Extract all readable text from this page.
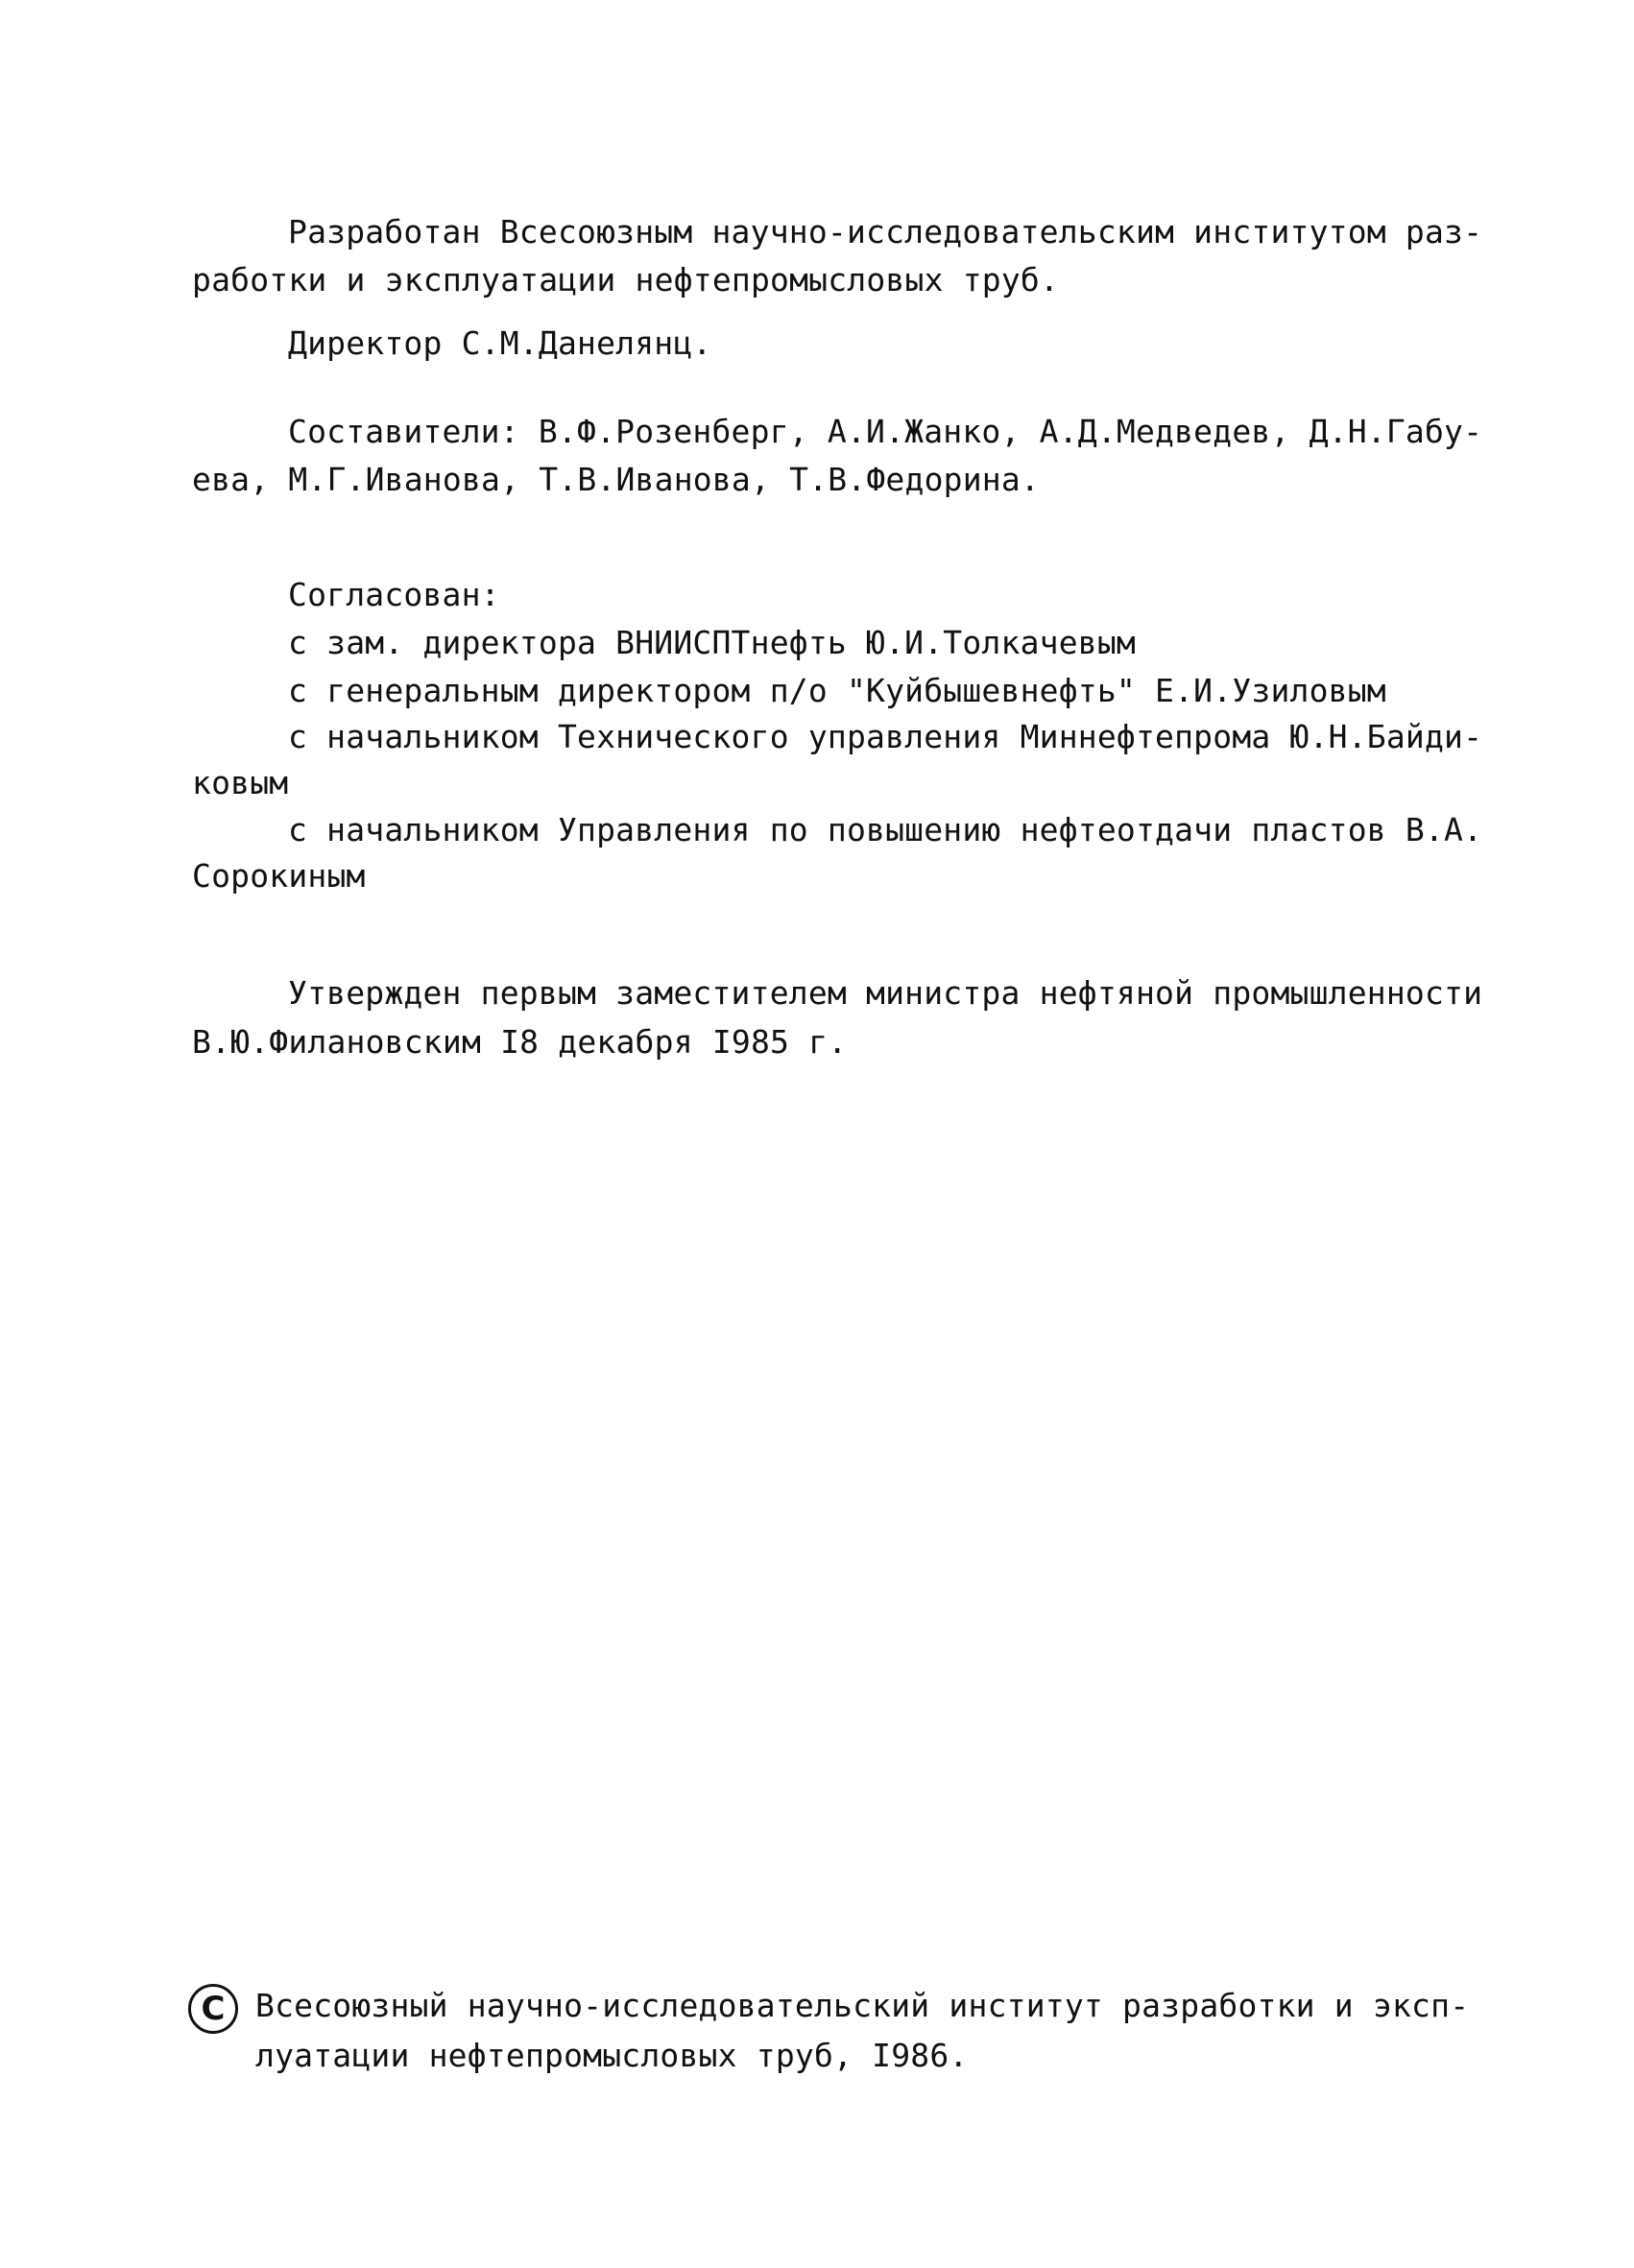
Разработан Всесоюзным научно-исследовательским институтом раз-
работки и эксплуатации нефтепромысловых труб.
Директор С.М.Данелянц.
Составители: В.Ф.Розенберг, А.И.Жанко, А.Д.Медведев, Д.Н.Габу-
ева, М.Г.Иванова, Т.В.Иванова, Т.В.Федорина.
Согласован:
с зам. директора ВНИИСПТнефть Ю.И.Толкачевым
с генеральным директором п/о "Куйбышевнефть" Е.И.Узиловым
с начальником Технического управления Миннефтепрома Ю.Н.Байди-
ковым
с начальником Управления по повышению нефтеотдачи пластов В.А.
Сорокиным
Утвержден первым заместителем министра нефтяной промышленности
В.Ю.Филановским I8 декабря I985 г.
C Всесоюзный научно-исследовательский институт разработки и экcп-
луатации нефтепромысловых труб, I986.
